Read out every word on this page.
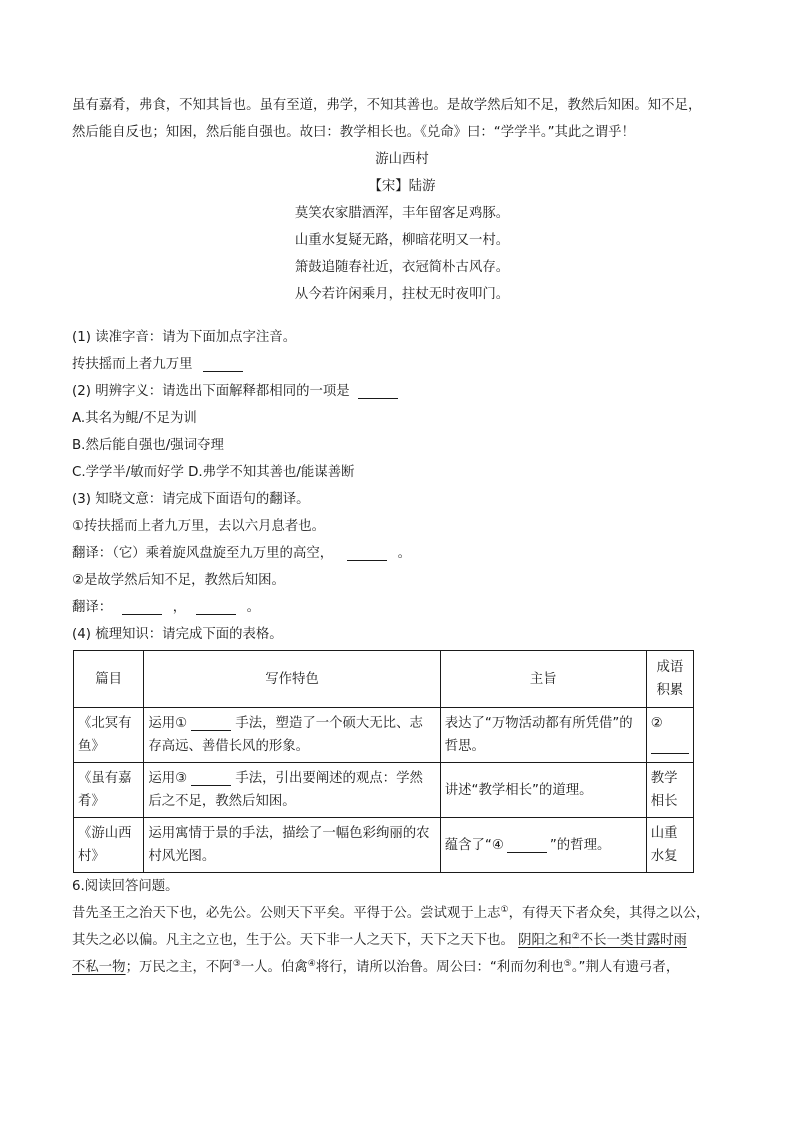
虽有嘉肴，弗食，不知其旨也。虽有至道，弗学，不知其善也。是故学然后知不足，教然后知困。知不足，

然后能自反也；知困，然后能自强也。故曰：教学相长也。《兑命》曰：“学学半。”其此之谓乎！

游山西村

【宋】陆游

莫笑农家腊酒浑，丰年留客足鸡豚。

山重水复疑无路，柳暗花明又一村。

箫鼓追随春社近，衣冠简朴古风存。

从今若许闲乘月，拄杖无时夜叩门。

(1) 读准字音：请为下面加点字注音。

抟扶摇而上者九万里

(2) 明辨字义：请选出下面解释都相同的一项是

A.其名为鲲/不足为训

B.然后能自强也/强词夺理

C.学学半/敏而好学 D.弗学不知其善也/能谋善断

(3) 知晓文意：请完成下面语句的翻译。

①抟扶摇而上者九万里，去以六月息者也。

翻译：（它）乘着旋风盘旋至九万里的高空，	。

②是故学然后知不足，教然后知困。

翻译：	，	。

(4) 梳理知识：请完成下面的表格。

篇目	写作特色	主旨	成语积累
《北冥有鱼》	运用① 手法，塑造了一个硕大无比、志存高远、善借长风的形象。	表达了“万物活动都有所凭借”的哲思。	②

《虽有嘉肴》	运用③ 手法，引出要阐述的观点：学然后之不足，教然后知困。	讲述“教学相长”的道理。	教学相长
《游山西村》	运用寓情于景的手法，描绘了一幅色彩绚丽的农村风光图。	蕴含了“④ ”的哲理。	山重水复

6.阅读回答问题。

昔先圣王之治天下也，必先公。公则天下平矣。平得于公。尝试观于上志①，有得天下者众矣，其得之以公，

其失之必以偏。凡主之立也，生于公。天下非一人之天下，天下之天下也。 阴阳之和②不长一类甘露时雨

不私一物；万民之主，不阿③一人。伯禽④将行，请所以治鲁。周公曰：“利而勿利也⑤。”荆人有遗弓者，
